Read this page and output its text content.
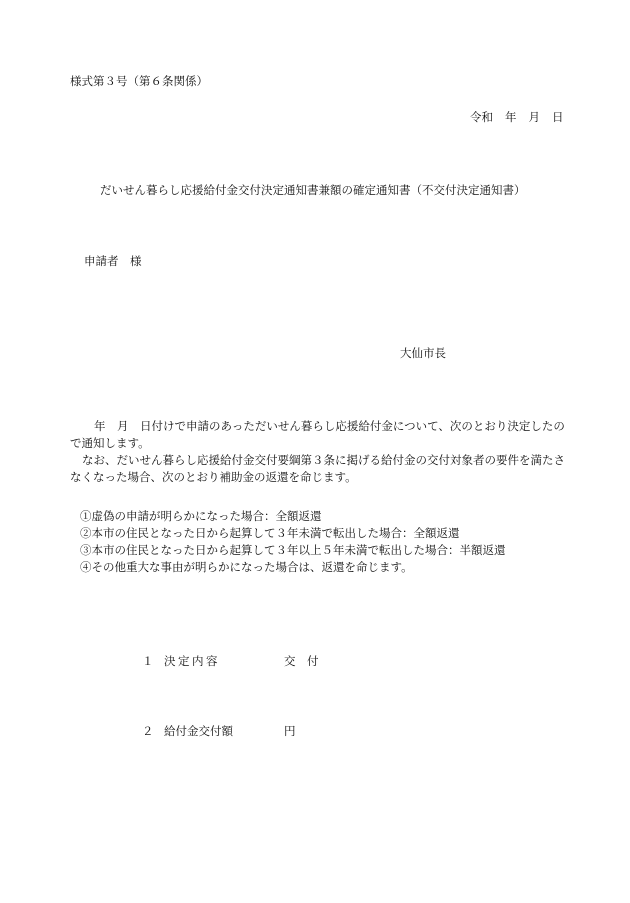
様式第３号（第６条関係）
令和 年 月 日
だいせん暮らし応援給付金交付決定通知書兼額の確定通知書（不交付決定通知書）
申請者　様
大仙市長

年　月　日付けで申請のあっただいせん暮らし応援給付金について、次のとおり決定したので通知します。

なお、だいせん暮らし応援給付金交付要綱第３条に掲げる給付金の交付対象者の要件を満たさなくなった場合、次のとおり補助金の返還を命じます。

①虚偽の申請が明らかになった場合：全額返還
②本市の住民となった日から起算して３年未満で転出した場合：全額返還
③本市の住民となった日から起算して３年以上５年未満で転出した場合：半額返還
④その他重大な事由が明らかになった場合は、返還を命じます。
１ 決定内容	交　付
２ 給付金交付額	円
